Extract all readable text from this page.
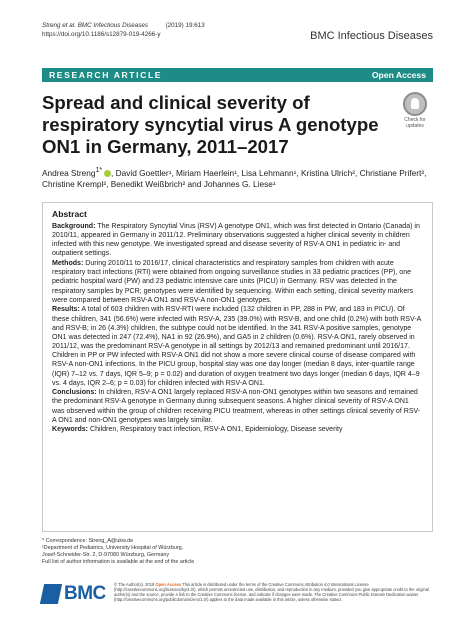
Streng et al. BMC Infectious Diseases	(2019) 19:613
https://doi.org/10.1186/s12879-019-4266-y	BMC Infectious Diseases
RESEARCH ARTICLE	Open Access
Spread and clinical severity of respiratory syncytial virus A genotype ON1 in Germany, 2011–2017
Check for
updates
Andrea Streng$^{1*}$ , David Goettler¹, Miriam Haerlein¹, Lisa Lehmann¹, Kristina Ulrich², Christiane Prifert², Christine Krempl², Benedikt Weißbrich² and Johannes G. Liese¹
Abstract

Background: The Respiratory Syncytial Virus (RSV) A genotype ON1, which was first detected in Ontario (Canada) in 2010/11, appeared in Germany in 2011/12. Preliminary observations suggested a higher clinical severity in children infected with this new genotype. We investigated spread and disease severity of RSV-A ON1 in pediatric in- and outpatient settings.

Methods: During 2010/11 to 2016/17, clinical characteristics and respiratory samples from children with acute respiratory tract infections (RTI) were obtained from ongoing surveillance studies in 33 pediatric practices (PP), one pediatric hospital ward (PW) and 23 pediatric intensive care units (PICU) in Germany. RSV was detected in the respiratory samples by PCR; genotypes were identified by sequencing. Within each setting, clinical severity markers were compared between RSV-A ON1 and RSV-A non-ON1 genotypes.

Results: A total of 603 children with RSV-RTI were included (132 children in PP, 288 in PW, and 183 in PICU). Of these children, 341 (56.6%) were infected with RSV-A, 235 (39.0%) with RSV-B, and one child (0.2%) with both RSV-A and RSV-B; in 26 (4.3%) children, the subtype could not be identified. In the 341 RSV-A positive samples, genotype ON1 was detected in 247 (72.4%), NA1 in 92 (26.9%), and GA5 in 2 children (0.6%). RSV-A ON1, rarely observed in 2011/12, was the predominant RSV-A genotype in all settings by 2012/13 and remained predominant until 2016/17. Children in PP or PW infected with RSV-A ON1 did not show a more severe clinical course of disease compared with RSV-A non-ON1 infections. In the PICU group, hospital stay was one day longer (median 8 days, inter-quartile range (IQR) 7–12 vs. 7 days, IQR 5–9; p = 0.02) and duration of oxygen treatment two days longer (median 6 days, IQR 4–9 vs. 4 days, IQR 2–6; p = 0.03) for children infected with RSV-A ON1.

Conclusions: In children, RSV-A ON1 largely replaced RSV-A non-ON1 genotypes within two seasons and remained the predominant RSV-A genotype in Germany during subsequent seasons. A higher clinical severity of RSV-A ON1 was observed within the group of children receiving PICU treatment, whereas in other settings clinical severity of RSV-A ON1 and non-ON1 genotypes was largely similar.

Keywords: Children, Respiratory tract infection, RSV-A ON1, Epidemiology, Disease severity

* Correspondence: Streng_A@ukw.de
¹Department of Pediatrics, University Hospital of Würzburg,
Josef-Schneider-Str. 2, D-97080 Würzburg, Germany
Full list of author information is available at the end of the article
BMC © The Author(s). 2019 Open Access This article is distributed under the terms of the Creative Commons Attribution 4.0 International License (http://creativecommons.org/licenses/by/4.0/), which permits unrestricted use, distribution, and reproduction in any medium, provided you give appropriate credit to the original author(s) and the source, provide a link to the Creative Commons license, and indicate if changes were made. The Creative Commons Public Domain Dedication waiver (http://creativecommons.org/publicdomain/zero/1.0/) applies to the data made available in this article, unless otherwise stated.
